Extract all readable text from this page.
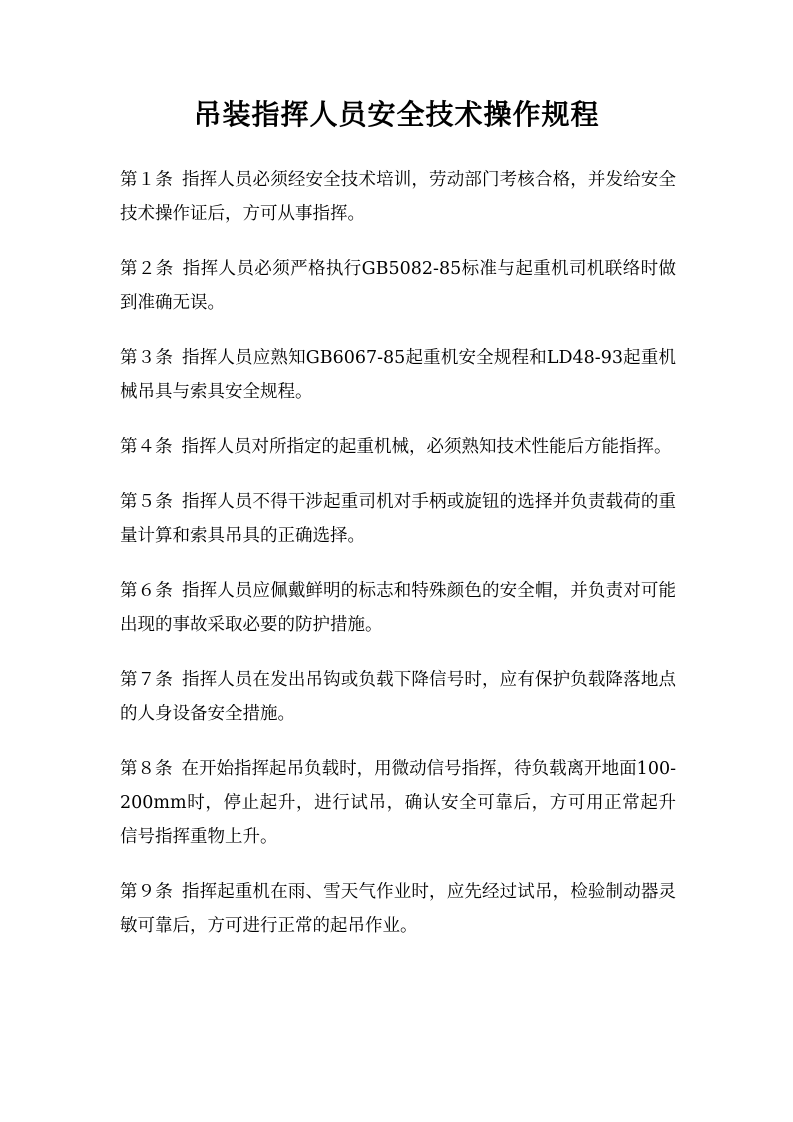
吊装指挥人员安全技术操作规程

第１条 指挥人员必须经安全技术培训，劳动部门考核合格，并发给安全技术操作证后，方可从事指挥。

第２条 指挥人员必须严格执行GB5082-85标准与起重机司机联络时做到准确无误。

第３条 指挥人员应熟知GB6067-85起重机安全规程和LD48-93起重机械吊具与索具安全规程。

第４条 指挥人员对所指定的起重机械，必须熟知技术性能后方能指挥。

第５条 指挥人员不得干涉起重司机对手柄或旋钮的选择并负责载荷的重量计算和索具吊具的正确选择。

第６条 指挥人员应佩戴鲜明的标志和特殊颜色的安全帽，并负责对可能出现的事故采取必要的防护措施。

第７条 指挥人员在发出吊钩或负载下降信号时，应有保护负载降落地点的人身设备安全措施。

第８条 在开始指挥起吊负载时，用微动信号指挥，待负载离开地面100-200mm时，停止起升，进行试吊，确认安全可靠后，方可用正常起升信号指挥重物上升。

第９条 指挥起重机在雨、雪天气作业时，应先经过试吊，检验制动器灵敏可靠后，方可进行正常的起吊作业。
